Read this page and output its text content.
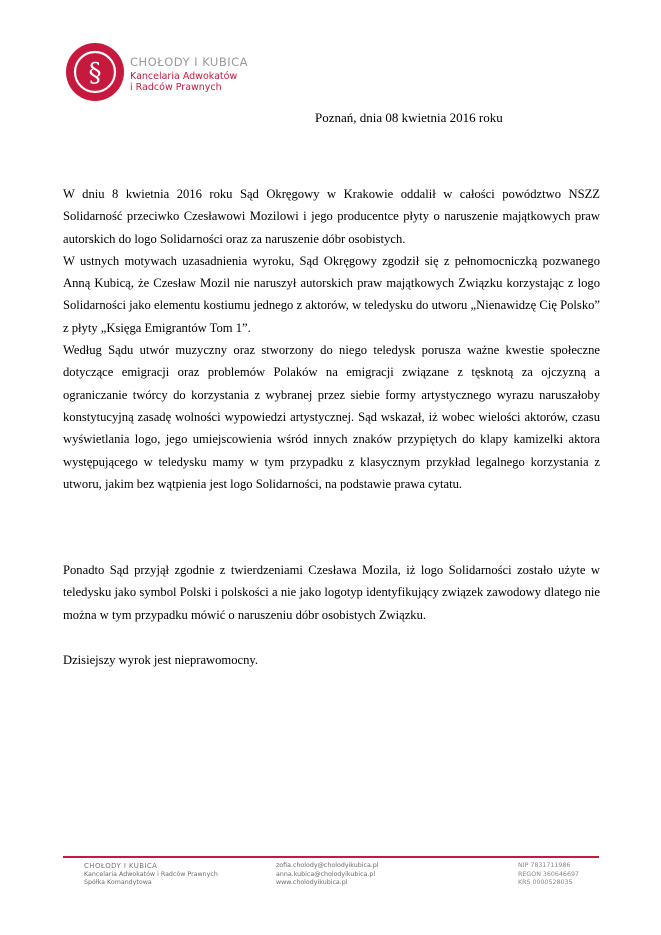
§ CHOŁODY I KUBICA
Kancelaria Adwokatów
i Radców Prawnych
Poznań, dnia 08 kwietnia 2016 roku

W dniu 8 kwietnia 2016 roku Sąd Okręgowy w Krakowie oddalił w całości powództwo NSZZ Solidarność przeciwko Czesławowi Mozilowi i jego producentce płyty o naruszenie majątkowych praw autorskich do logo Solidarności oraz za naruszenie dóbr osobistych.

W ustnych motywach uzasadnienia wyroku, Sąd Okręgowy zgodził się z pełnomocniczką pozwanego Anną Kubicą, że Czesław Mozil nie naruszył autorskich praw majątkowych Związku korzystając z logo Solidarności jako elementu kostiumu jednego z aktorów, w teledysku do utworu „Nienawidzę Cię Polsko” z płyty „Księga Emigrantów Tom 1”.

Według Sądu utwór muzyczny oraz stworzony do niego teledysk porusza ważne kwestie społeczne dotyczące emigracji oraz problemów Polaków na emigracji związane z tęsknotą za ojczyzną a ograniczanie twórcy do korzystania z wybranej przez siebie formy artystycznego wyrazu naruszałoby konstytucyjną zasadę wolności wypowiedzi artystycznej. Sąd wskazał, iż wobec wielości aktorów, czasu wyświetlania logo, jego umiejscowienia wśród innych znaków przypiętych do klapy kamizelki aktora występującego w teledysku mamy w tym przypadku z klasycznym przykład legalnego korzystania z utworu, jakim bez wątpienia jest logo Solidarności, na podstawie prawa cytatu.

Ponadto Sąd przyjął zgodnie z twierdzeniami Czesława Mozila, iż logo Solidarności zostało użyte w teledysku jako symbol Polski i polskości a nie jako logotyp identyfikujący związek zawodowy dlatego nie można w tym przypadku mówić o naruszeniu dóbr osobistych Związku.

Dzisiejszy wyrok jest nieprawomocny.

CHOŁODY I KUBICA
Kancelaria Adwokatów i Radców Prawnych
Spółka Komandytowa
zofia.cholody@cholodyikubica.pl
anna.kubica@cholodyikubica.pl
www.cholodyikubica.pl
NIP 7831711986
REGON 360646697
KRS 0000528035
